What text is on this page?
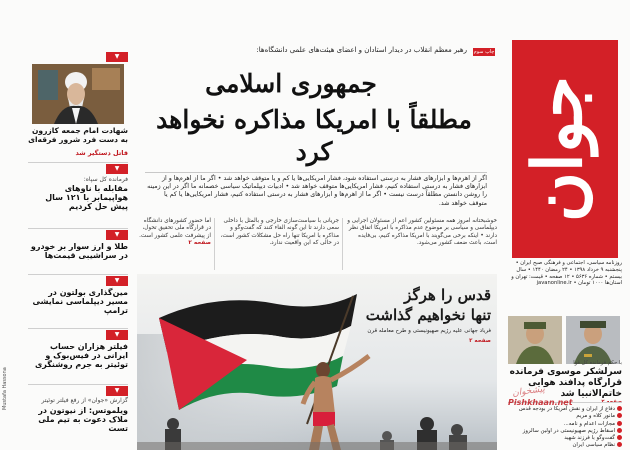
▼
شهادت امام جمعه کازرون به دست فرد شرور فرقه‌ای
قاتل دستگیر شد
▼
فرمانده کل سپاه:
مقابله با ناوهای هواپیمابر با ۱۲۱ سال پیش حل کردیم
▼
طلا و ارز سوار بر خودرو در سراشیبی قیمت‌ها
▼
مین‌گذاری بولتون در مسیر دیپلماسی نمایشی ترامپ
▼
فیلتر هزاران حساب ایرانی در فیس‌بوک و توئیتر به جرم روشنگری
▼
گزارش «جوان» از رفع فیلتر توئیتر
ویلموتس: از نیوتون در ملاک دعوت به تیم ملی تست
چاپ سوم
رهبر معظم انقلاب در دیدار استادان و اعضای هیئت‌های علمی دانشگاه‌ها:
جمهوری اسلامی
مطلقاً با امریکا مذاکره نخواهد کرد
اگر از اهرم‌ها و ابزارهای فشار به درستی استفاده شود، فشار امریکایی‌ها یا کم و یا متوقف خواهد شد • اگر ما از اهرم‌ها و از ابزارهای فشار به درستی استفاده کنیم، فشار امریکایی‌ها متوقف خواهد شد • ادبیات دیپلماتیک سیاسی خصمانه ما اگر در این زمینه را روشن دانستن مطلقاً درست نیست • اگر ما از اهرم‌ها و ابزارهای فشار به درستی استفاده کنیم، فشار امریکایی‌ها یا کم یا متوقف خواهد شد.
خوشبختانه امروز همه مسئولین کشور اعم از مسئولان اجرایی و دیپلماسی و سیاسی بر موضوع عدم مذاکره با امریکا اتفاق نظر دارند • اینکه برخی می‌گویند با امریکا مذاکره کنیم، بی‌فایده است، باعث ضعف کشور می‌شود.
جریانی با سیاست‌سازی خارجی و بالمثل با داخلی سعی دارند تا این گونه القاء کنند که گفت‌وگو و مذاکره با امریکا تنها راه حل مشکلات کشور است، در حالی که این واقعیت ندارد.
اما حضور کشورهای دانشگاه در قرارگاه ملی تحقیق تحول، از پیشرفت علمی کشور است.
صفحه ۲
قدس را هرگز
تنها نخواهیم گذاشت
فریاد جهانی علیه رژیم صهیونیستی و طرح معامله قرن
صفحه ۲
Mustafa Hassona
جوان
روزنامه سیاسی، اجتماعی و فرهنگی صبح ایران • پنجشنبه ۹ خرداد ۱۳۹۸ • ۲۴ رمضان ۱۴۴۰ • سال بیستم • شماره ۵۶۳۶ • ۱۲ صفحه • قیمت: تهران و استان‌ها ۱۰۰۰ تومان • javanonline.ir
با حکم فرمانده کل قوا
سرلشکر موسوی فرمانده قرارگاه پدافند هوایی خاتم‌الانبیا شد
صفحه ۲
دفاع از ایران و نقش آمریکا در بودجه قدس
مانور کلاه و مریم
مجازات اعدام و نامه...
اسقاط رژیم صهیونیستی در اولین سالروز
گفت‌وگو با فرزند شهید
نظام سیاسی ایران
پیشخوان
Pishkhaan.net
